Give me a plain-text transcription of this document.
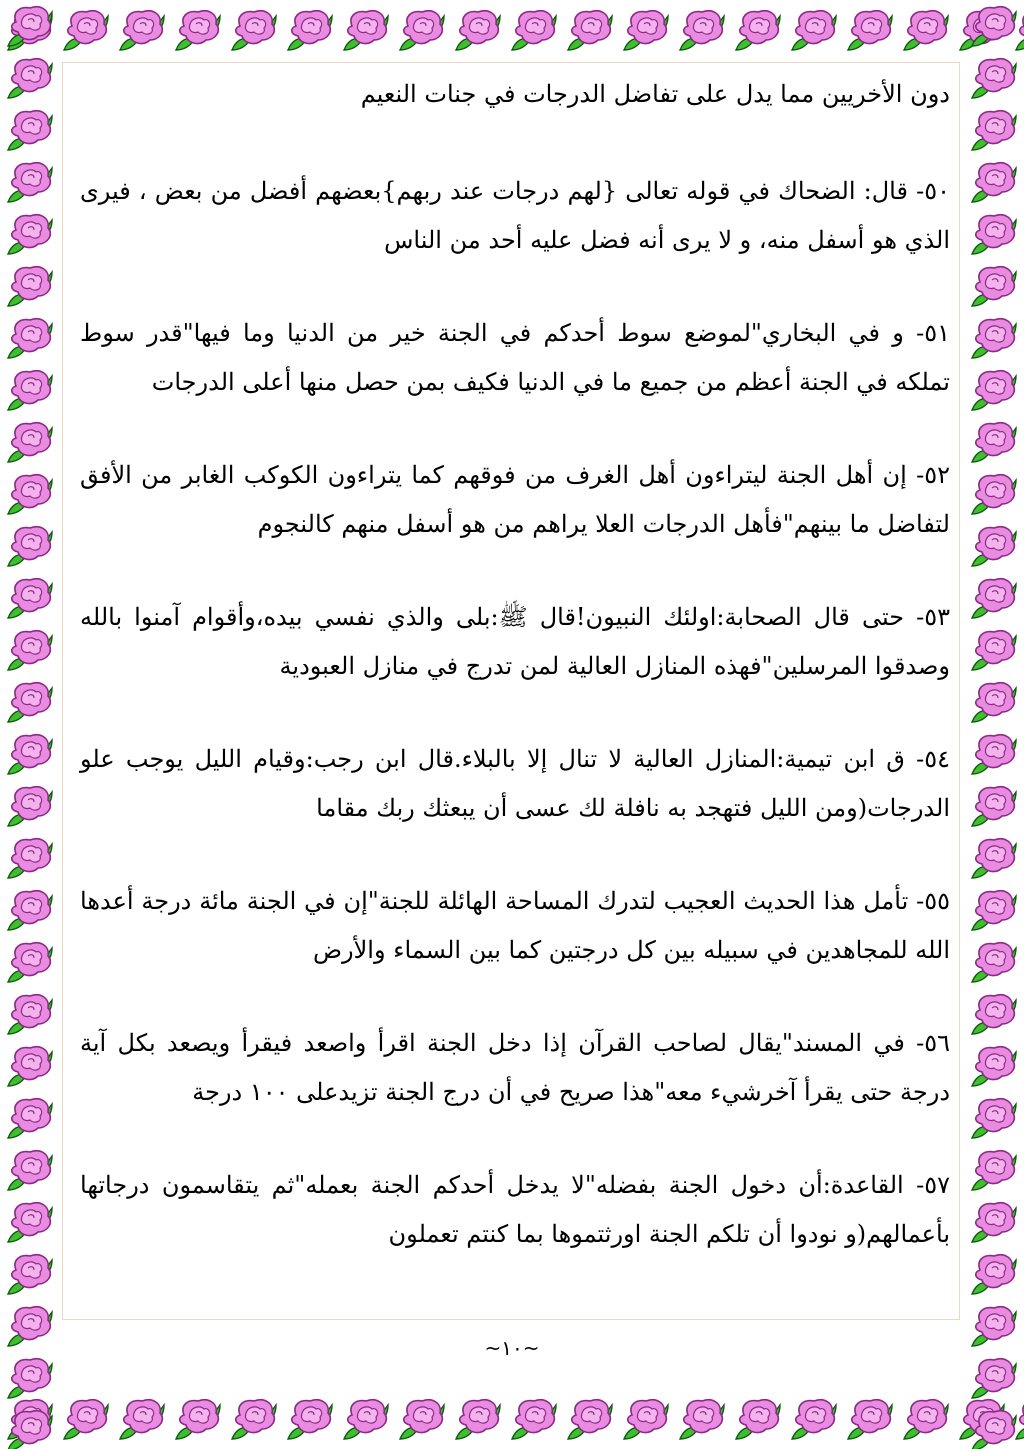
دون الأخريين مما يدل على تفاضل الدرجات في جنات النعيم

٥٠- قال: الضحاك في قوله تعالى {لهم درجات عند ربهم}بعضهم أفضل من بعض ، فيرى الذي هو أسفل منه، و لا يرى أنه فضل عليه أحد من الناس

٥١- و في البخاري"لموضع سوط أحدكم في الجنة خير من الدنيا وما فيها"قدر سوط تملكه في الجنة أعظم من جميع ما في الدنيا فكيف بمن حصل منها أعلى الدرجات

٥٢- إن أهل الجنة ليتراءون أهل الغرف من فوقهم كما يتراءون الكوكب الغابر من الأفق لتفاضل ما بينهم"فأهل الدرجات العلا يراهم من هو أسفل منهم كالنجوم

٥٣- حتى قال الصحابة:اولئك النبيون!قال ﷺ:بلى والذي نفسي بيده،وأقوام آمنوا بالله وصدقوا المرسلين"فهذه المنازل العالية لمن تدرج في منازل العبودية

٥٤- ق ابن تيمية:المنازل العالية لا تنال إلا بالبلاء.قال ابن رجب:وقيام الليل يوجب علو الدرجات(ومن الليل فتهجد به نافلة لك عسى أن يبعثك ربك مقاما

٥٥- تأمل هذا الحديث العجيب لتدرك المساحة الهائلة للجنة"إن في الجنة مائة درجة أعدها الله للمجاهدين في سبيله بين كل درجتين كما بين السماء والأرض

٥٦- في المسند"يقال لصاحب القرآن إذا دخل الجنة اقرأ واصعد فيقرأ ويصعد بكل آية درجة حتى يقرأ آخرشيء معه"هذا صريح في أن درج الجنة تزيدعلى ١٠٠ درجة

٥٧- القاعدة:أن دخول الجنة بفضله"لا يدخل أحدكم الجنة بعمله"ثم يتقاسمون درجاتها بأعمالهم(و نودوا أن تلكم الجنة اورثتموها بما كنتم تعملون

~١٠~
